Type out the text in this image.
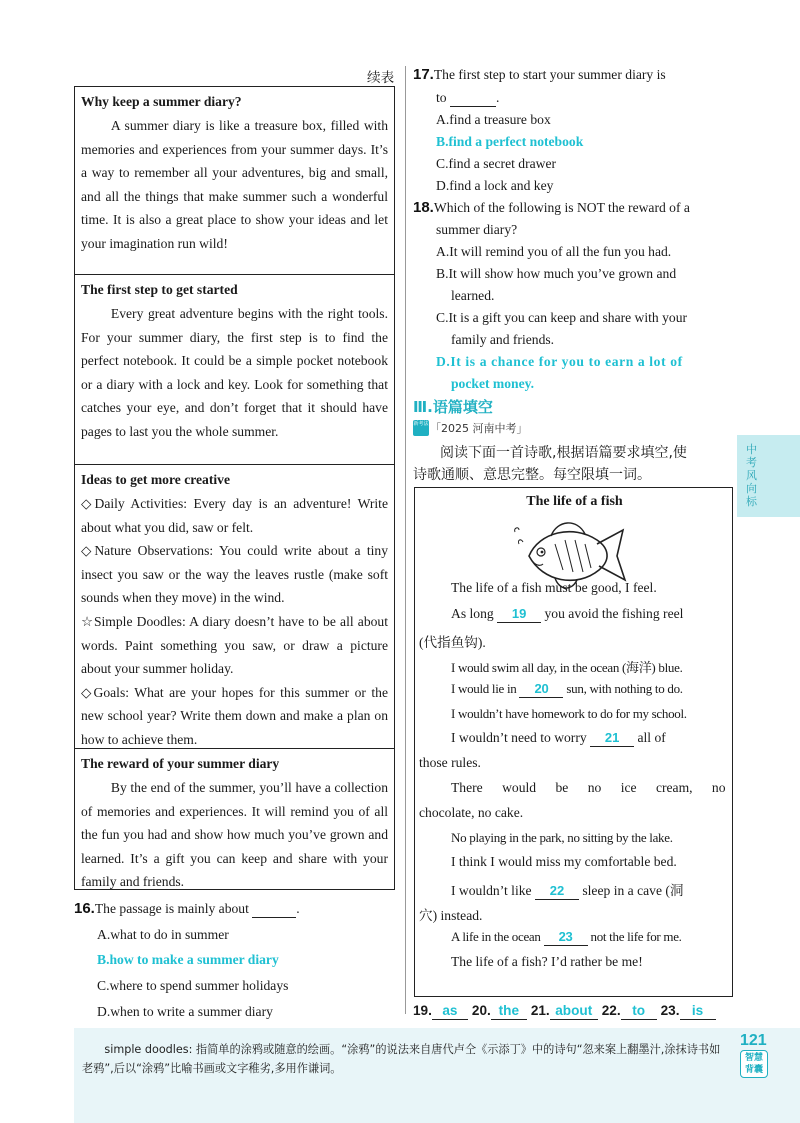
续表
Why keep a summer diary?

A summer diary is like a treasure box, filled with memories and experiences from your summer days. It’s a way to remember all your adventures, big and small, and all the things that make summer such a wonderful time. It is also a great place to show your ideas and let your imagination run wild!

The first step to get started

Every great adventure begins with the right tools. For your summer diary, the first step is to find the perfect notebook. It could be a simple pocket notebook or a diary with a lock and key. Look for something that catches your eye, and don’t forget that it should have pages to last you the whole summer.

Ideas to get more creative

◇Daily Activities: Every day is an adventure! Write about what you did, saw or felt.

◇Nature Observations: You could write about a tiny insect you saw or the way the leaves rustle (make soft sounds when they move) in the wind.

☆Simple Doodles: A diary doesn’t have to be all about words. Paint something you saw, or draw a picture about your summer holiday.

◇Goals: What are your hopes for this summer or the new school year? Write them down and make a plan on how to achieve them.

The reward of your summer diary

By the end of the summer, you’ll have a collection of memories and experiences. It will remind you of all the fun you had and show how much you’ve grown and learned. It’s a gift you can keep and share with your family and friends.

16.The passage is mainly about	.
A.what to do in summer
B.how to make a summer diary
C.where to spend summer holidays
D.when to write a summer diary
17.The first step to start your summer diary is
to	.
A.find a treasure box
B.find a perfect notebook
C.find a secret drawer
D.find a lock and key
18.Which of the following is NOT the reward of a
summer diary?
A.It will remind you of all the fun you had.
B.It will show how much you’ve grown and
learned.
C.It is a gift you can keep and share with your
family and friends.
D.It is a chance for you to earn a lot of
pocket money.
Ⅲ.语篇填空
新考法 「2025 河南中考」
阅读下面一首诗歌,根据语篇要求填空,使
诗歌通顺、意思完整。每空限填一词。
The life of a fish
The life of a fish must be good, I feel.
As long 19 you avoid the fishing reel
(代指鱼钩).
I would swim all day, in the ocean (海洋) blue.
I would lie in 20 sun, with nothing to do.
I wouldn’t have homework to do for my school.
I wouldn’t need to worry 21 all of
those rules.
There would be no ice cream, no
chocolate, no cake.
No playing in the park, no sitting by the lake.
I think I would miss my comfortable bed.
I wouldn’t like 22 sleep in a cave (洞
穴) instead.
A life in the ocean 23 not the life for me.
The life of a fish? I’d rather be me!
19. as 20. the 21. about 22. to 23. is
中考风向标
simple doodles: 指简单的涂鸦或随意的绘画。“涂鸦”的说法来自唐代卢仝《示添丁》中的诗句“忽来案上翻墨汁,涂抹诗书如老鸦”,后以“涂鸦”比喻书画或文字稚劣,多用作谦词。
121
智慧背囊
